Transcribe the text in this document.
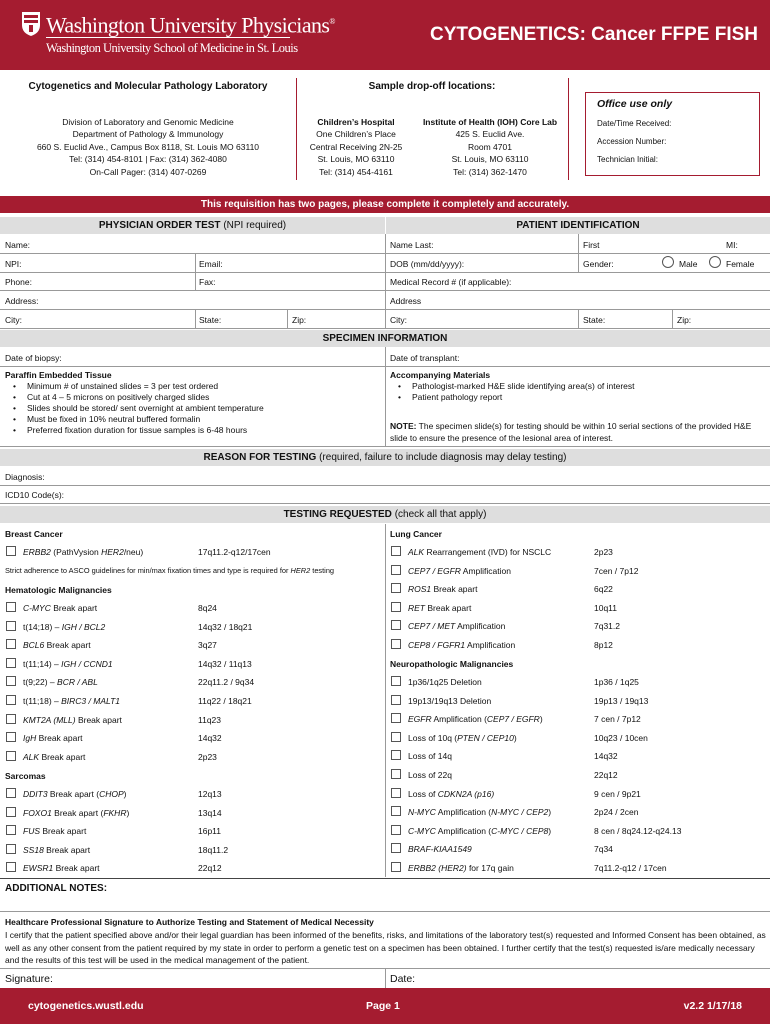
Washington University Physicians®
Washington University School of Medicine in St. Louis
CYTOGENETICS: Cancer FFPE FISH
Cytogenetics and Molecular Pathology Laboratory
Division of Laboratory and Genomic Medicine
Department of Pathology & Immunology
660 S. Euclid Ave., Campus Box 8118, St. Louis MO 63110
Tel: (314) 454-8101 | Fax: (314) 362-4080
On-Call Pager: (314) 407-0269
Sample drop-off locations:
Children’s Hospital
One Children’s Place
Central Receiving 2N-25
St. Louis, MO 63110
Tel: (314) 454-4161
Institute of Health (IOH) Core Lab
425 S. Euclid Ave.
Room 4701
St. Louis, MO 63110
Tel: (314) 362-1470
Office use only
Date/Time Received:
Accession Number:
Technician Initial:
This requisition has two pages, please complete it completely and accurately.
PHYSICIAN ORDER TEST (NPI required)	PATIENT IDENTIFICATION
Name:
NPI:	Email:
Phone:	Fax:
Address:
City:	State:	Zip:
Name Last:	First	MI:
DOB (mm/dd/yyyy):	Gender:	Male	Female
Medical Record # (if applicable):
Address
City:	State:	Zip:
SPECIMEN INFORMATION
Date of biopsy:	Date of transplant:
Paraffin Embedded Tissue
• Minimum # of unstained slides = 3 per test ordered
• Cut at 4 – 5 microns on positively charged slides
• Slides should be stored/ sent overnight at ambient temperature
• Must be fixed in 10% neutral buffered formalin
• Preferred fixation duration for tissue samples is 6-48 hours
Accompanying Materials
• Pathologist-marked H&E slide identifying area(s) of interest
• Patient pathology report
NOTE: The specimen slide(s) for testing should be within 10 serial sections of the provided H&E slide to ensure the presence of the lesional area of interest.
REASON FOR TESTING (required, failure to include diagnosis may delay testing)
Diagnosis:
ICD10 Code(s):
TESTING REQUESTED (check all that apply)
Breast Cancer
ERBB2 (PathVysion HER2/neu)	17q11.2-q12/17cen
Strict adherence to ASCO guidelines for min/max fixation times and type is required for HER2 testing
Hematologic Malignancies
C-MYC Break apart	8q24
t(14;18) – IGH / BCL2	14q32 / 18q21
BCL6 Break apart	3q27
t(11;14) – IGH / CCND1	14q32 / 11q13
t(9;22) – BCR / ABL	22q11.2 / 9q34
t(11;18) – BIRC3 / MALT1	11q22 / 18q21
KMT2A (MLL) Break apart	11q23
IgH Break apart	14q32
ALK Break apart	2p23
Sarcomas
DDIT3 Break apart (CHOP)	12q13
FOXO1 Break apart (FKHR)	13q14
FUS Break apart	16p11
SS18 Break apart	18q11.2
EWSR1 Break apart	22q12
Lung Cancer
ALK Rearrangement (IVD) for NSCLC	2p23
CEP7 / EGFR Amplification	7cen / 7p12
ROS1 Break apart	6q22
RET Break apart	10q11
CEP7 / MET Amplification	7q31.2
CEP8 / FGFR1 Amplification	8p12
Neuropathologic Malignancies
1p36/1q25 Deletion	1p36 / 1q25
19p13/19q13 Deletion	19p13 / 19q13
EGFR Amplification (CEP7 / EGFR)	7 cen / 7p12
Loss of 10q (PTEN / CEP10)	10q23 / 10cen
Loss of 14q	14q32
Loss of 22q	22q12
Loss of CDKN2A (p16)	9 cen / 9p21
N-MYC Amplification (N-MYC / CEP2)	2p24 / 2cen
C-MYC Amplification (C-MYC / CEP8)	8 cen / 8q24.12-q24.13
BRAF-KIAA1549	7q34
ERBB2 (HER2) for 17q gain	7q11.2-q12 / 17cen
ADDITIONAL NOTES:
Healthcare Professional Signature to Authorize Testing and Statement of Medical Necessity
I certify that the patient specified above and/or their legal guardian has been informed of the benefits, risks, and limitations of the laboratory test(s) requested and Informed Consent has been obtained, as well as any other consent from the patient required by my state in order to perform a genetic test on a specimen has been obtained. I further certify that the test(s) requested is/are medically necessary and the results of this test will be used in the medical management of the patient.
Signature:	Date:
cytogenetics.wustl.edu	Page 1	v2.2 1/17/18
